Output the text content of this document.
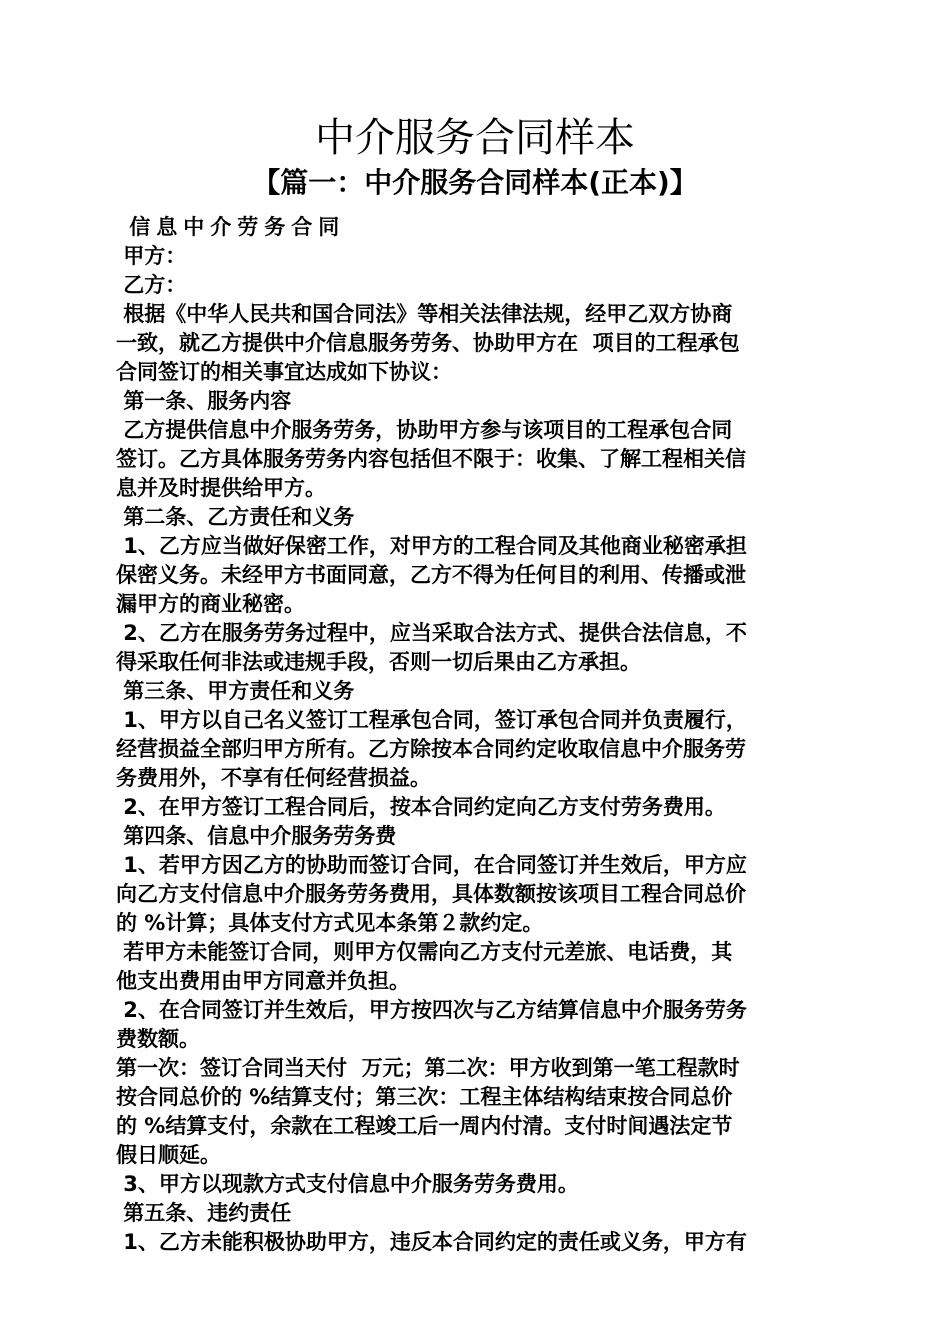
中介服务合同样本
【篇一：中介服务合同样本(正本)】
信息中介劳务合同
甲方：
乙方：
根据《中华人民共和国合同法》等相关法律法规，经甲乙双方协商
一致，就乙方提供中介信息服务劳务、协助甲方在  项目的工程承包
合同签订的相关事宜达成如下协议：
第一条、服务内容
乙方提供信息中介服务劳务，协助甲方参与该项目的工程承包合同
签订。乙方具体服务劳务内容包括但不限于：收集、了解工程相关信
息并及时提供给甲方。
第二条、乙方责任和义务
1、乙方应当做好保密工作，对甲方的工程合同及其他商业秘密承担
保密义务。未经甲方书面同意，乙方不得为任何目的利用、传播或泄
漏甲方的商业秘密。
2、乙方在服务劳务过程中，应当采取合法方式、提供合法信息，不
得采取任何非法或违规手段，否则一切后果由乙方承担。
第三条、甲方责任和义务
1、甲方以自己名义签订工程承包合同，签订承包合同并负责履行，
经营损益全部归甲方所有。乙方除按本合同约定收取信息中介服务劳
务费用外，不享有任何经营损益。
2、在甲方签订工程合同后，按本合同约定向乙方支付劳务费用。
第四条、信息中介服务劳务费
1、若甲方因乙方的协助而签订合同，在合同签订并生效后，甲方应
向乙方支付信息中介服务劳务费用，具体数额按该项目工程合同总价
的 %计算；具体支付方式见本条第２款约定。
若甲方未能签订合同，则甲方仅需向乙方支付元差旅、电话费，其
他支出费用由甲方同意并负担。
2、在合同签订并生效后，甲方按四次与乙方结算信息中介服务劳务
费数额。
第一次：签订合同当天付  万元；第二次：甲方收到第一笔工程款时
按合同总价的 %结算支付；第三次：工程主体结构结束按合同总价
的 %结算支付，余款在工程竣工后一周内付清。支付时间遇法定节
假日顺延。
3、甲方以现款方式支付信息中介服务劳务费用。
第五条、违约责任
1、乙方未能积极协助甲方，违反本合同约定的责任或义务，甲方有
